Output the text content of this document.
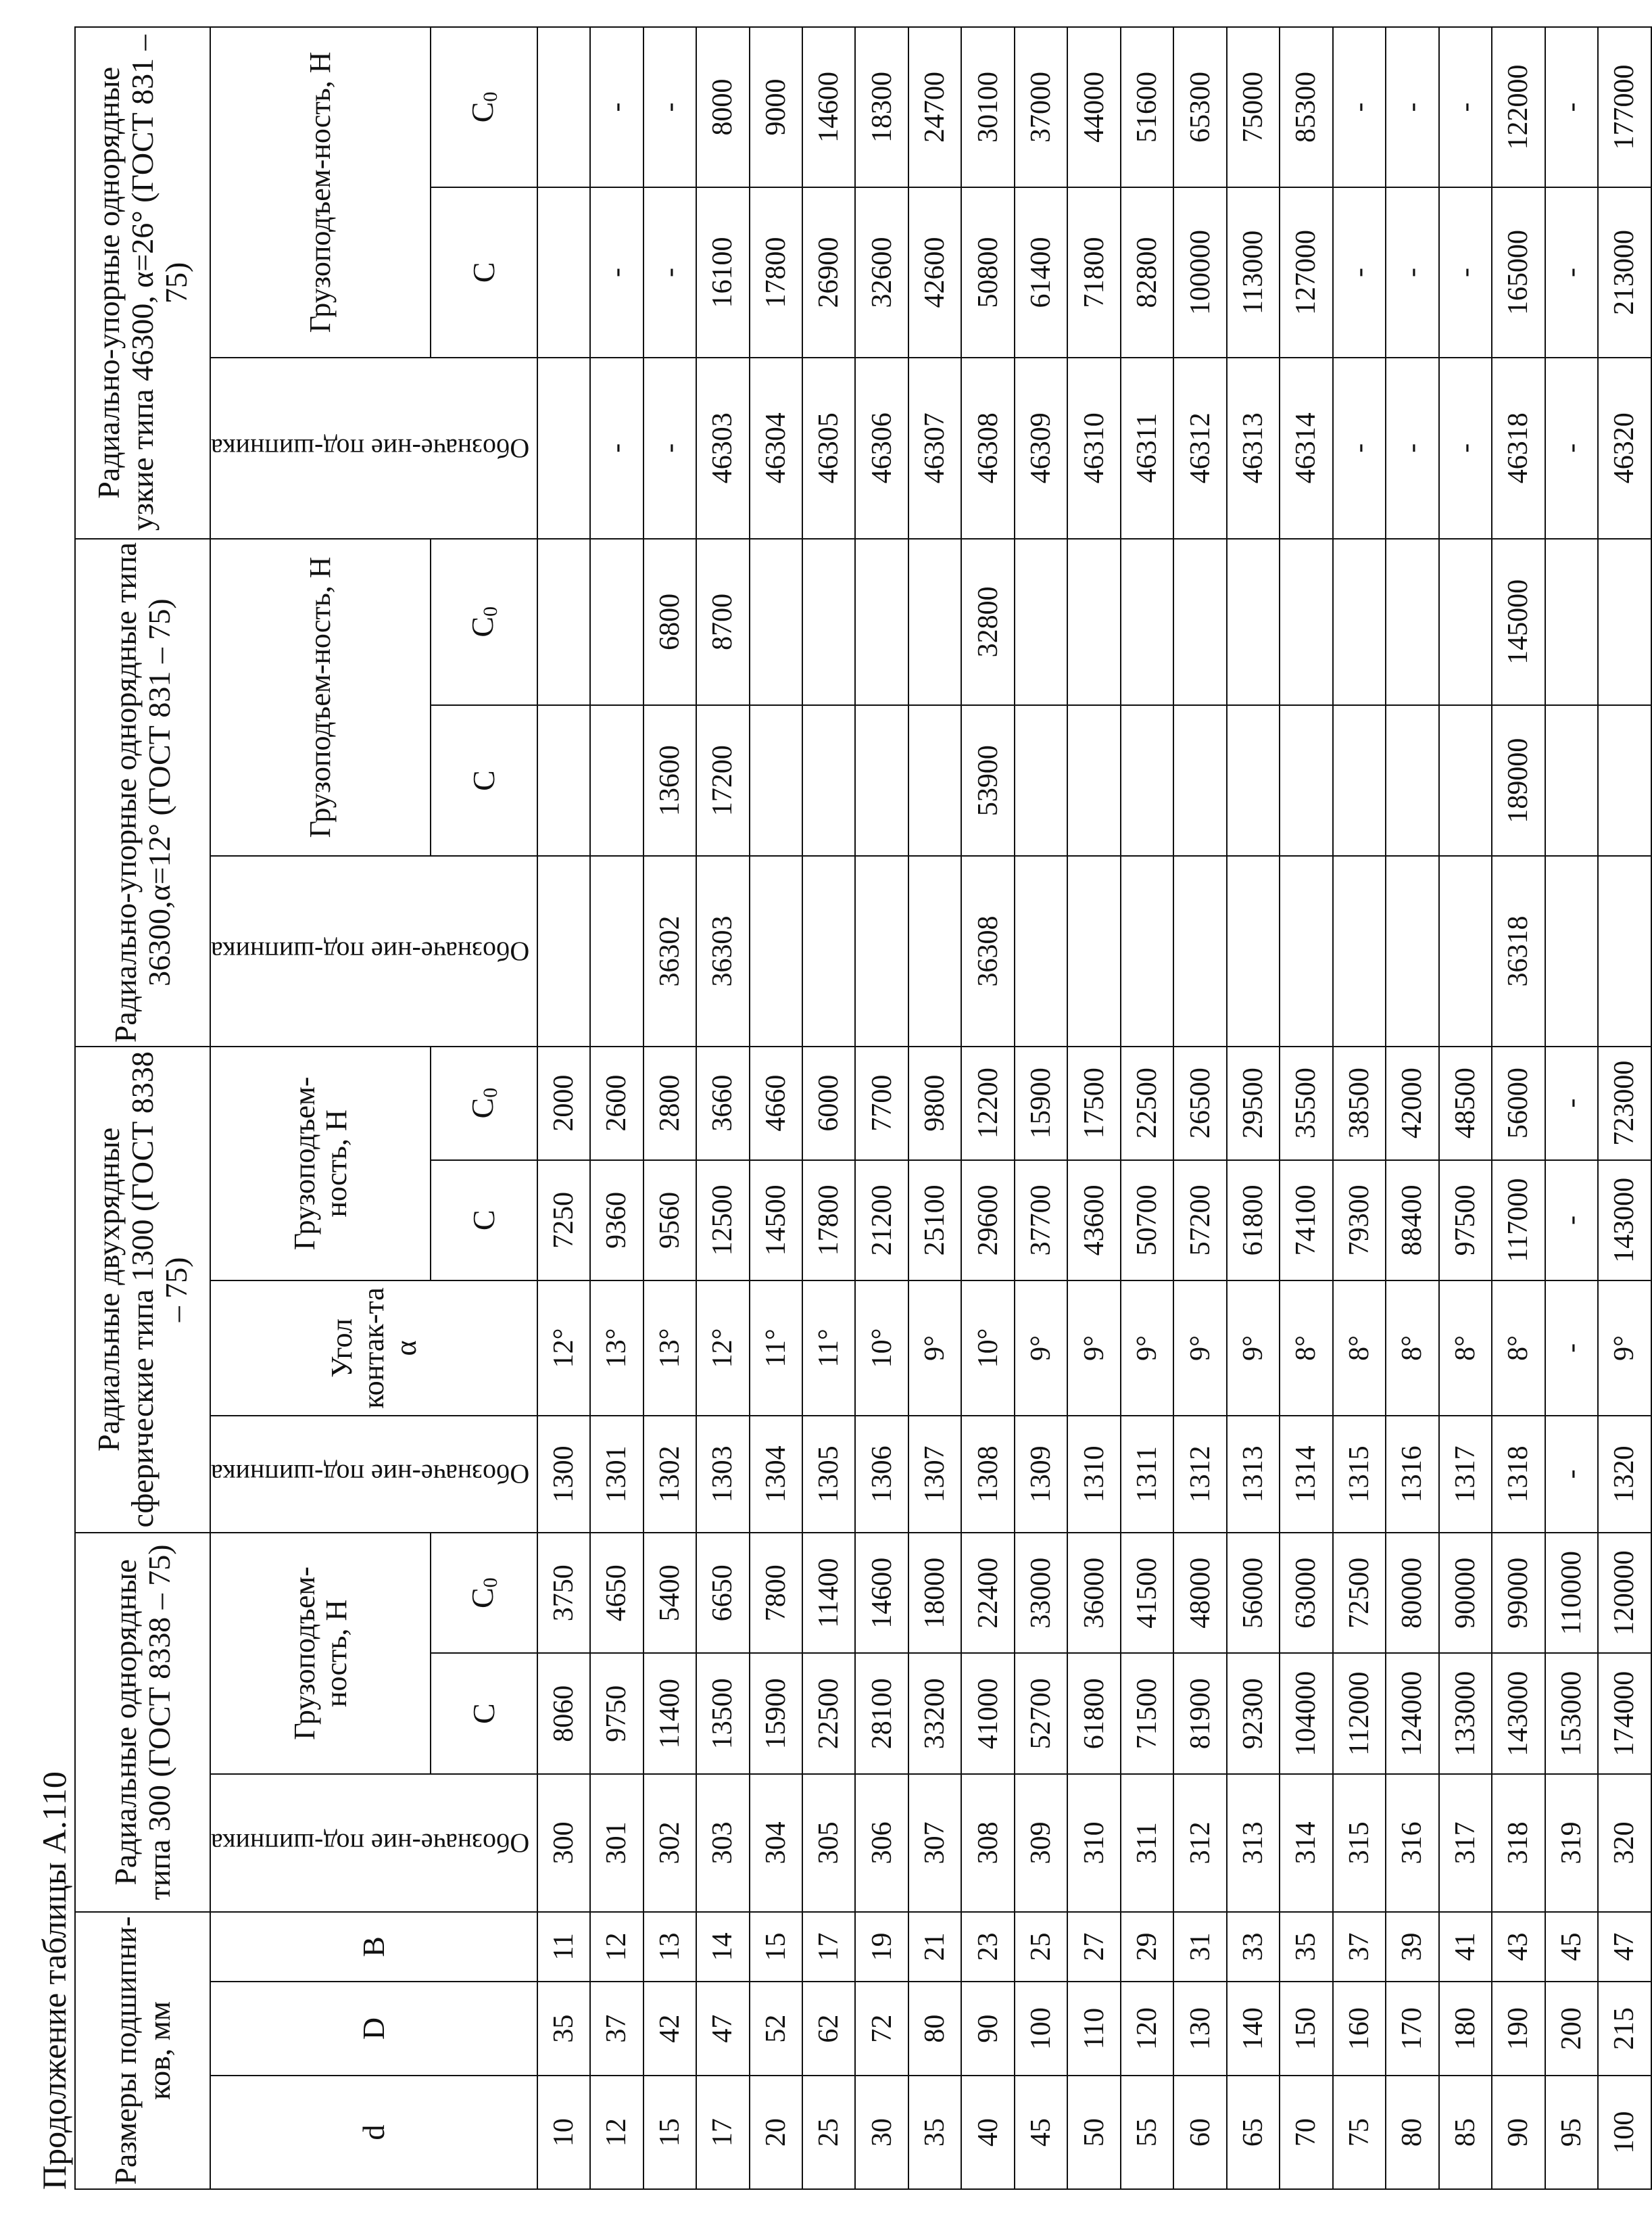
Продолжение таблицы А.110 Размеры подшипни-ков, мм			Радиальные однорядные типа 300 (ГОСТ 8338 – 75)			Радиальные двухрядные сферические типа 1300 (ГОСТ 8338 – 75)				Радиально-упорные однорядные типа 36300,α=12° (ГОСТ 831 – 75)			Радиально-упорные однорядные узкие типа 46300, α=26° (ГОСТ 831 – 75)		
d	D	B	Обозначе-ние под-шипника	Грузоподъем-ность, Н		Обозначе-ние под-шипника	Угол контак-та α	Грузоподъем-ность, Н		Обозначе-ние под-шипника	Грузоподъем-ность, Н		Обозначе-ние под-шипника	Грузоподъем-ность, Н	
				C	$C_0$			C	$C_0$		C	$C_0$		C	$C_0$
10	35	11	300	8060	3750	1300	12°	7250	2000						
12	37	12	301	9750	4650	1301	13°	9360	2600				-	-	-
15	42	13	302	11400	5400	1302	13°	9560	2800	36302	13600	6800	-	-	-
17	47	14	303	13500	6650	1303	12°	12500	3660	36303	17200	8700	46303	16100	8000
20	52	15	304	15900	7800	1304	11°	14500	4660				46304	17800	9000
25	62	17	305	22500	11400	1305	11°	17800	6000				46305	26900	14600
30	72	19	306	28100	14600	1306	10°	21200	7700				46306	32600	18300
35	80	21	307	33200	18000	1307	9°	25100	9800				46307	42600	24700
40	90	23	308	41000	22400	1308	10°	29600	12200	36308	53900	32800	46308	50800	30100
45	100	25	309	52700	33000	1309	9°	37700	15900				46309	61400	37000
50	110	27	310	61800	36000	1310	9°	43600	17500				46310	71800	44000
55	120	29	311	71500	41500	1311	9°	50700	22500				46311	82800	51600
60	130	31	312	81900	48000	1312	9°	57200	26500				46312	100000	65300
65	140	33	313	92300	56000	1313	9°	61800	29500				46313	113000	75000
70	150	35	314	104000	63000	1314	8°	74100	35500				46314	127000	85300
75	160	37	315	112000	72500	1315	8°	79300	38500				-	-	-
80	170	39	316	124000	80000	1316	8°	88400	42000				-	-	-
85	180	41	317	133000	90000	1317	8°	97500	48500				-	-	-
90	190	43	318	143000	99000	1318	8°	117000	56000	36318	189000	145000	46318	165000	122000
95	200	45	319	153000	110000	-	-	-	-				-	-	-
100	215	47	320	174000	120000	1320	9°	143000	723000				46320	213000	177000
